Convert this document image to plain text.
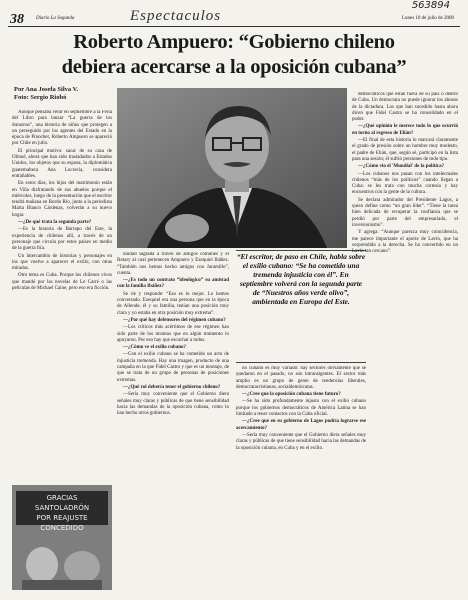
563894
38 Diario La Segunda	Espectaculos	Lunes 10 de julio de 2000
Roberto Ampuero: “Gobierno chileno
debiera acercarse a la oposición cubana”
Por Ana Josefa Silva V.
Foto: Sergio Riobó

Aunque pensaba venir en septiembre a la Feria del Libro para lanzar “La guerra de los duraznos”, una historia de niños que protegen a un perseguido por los agentes del Estado en la época de Pinochet, Roberto Ampuero se apareció por Chile en julio.

El principal motivo: sacar de su casa de Olmué, ahora que han sido trasladados a Estados Unidos, los objetos que su esposa, la diplomática guatemalteca Ana Lucrecia, considera entrañables.

En estos días, los hijos del matrimonio están en Viña disfrutando de sus abuelos porque el miércoles, luego de la presentación que el escritor tendrá mañana en Bordo Río, junto a la periodista Marta Blanco Cárdenas, volverán a su nuevo hogar.

—¿De qué trata la segunda parte?

—Es la historia de Barrapo del Este, la experiencia de chilenos allí, a través de un personaje que circula por estos países en medio de la guerra fría.

Un intercambio de historias y personajes en los que vuelve a aparecer el exilio, con otras miradas.

Otro tema es Cuba. Porque los chilenos vivos que mandó por las novelas de Le Carré o las películas de Michael Caine, pero eso era ficción.

unidad sagrada a través de amigos comunes y el Rotary al cual pertenecen Ampuero y Ezequiel Ibáñez. “También nos hemos hecho amigos con Jaramillo”, cuenta.

—¿Es todo un contrato “ideológico” su amistad con la familia Ibáñez?

Se ríe y responde: “Eso es lo mejor. Lo hemos conversado. Ezequiel era una persona que en la época de Allende, él y su familia, tenían una posición muy clara y yo estaba en otra posición muy extrema”.

—¿Por qué hay defensores del régimen cubano?

—Los críticos más acérrimos de ese régimen han sido parte de los mismos que en algún momento lo apoyaron. Por eso hay que escuchar a todos.

—¿Cómo ve el exilio cubano?

—Con el exilio cubano se ha cometido un acto de injusticia tremenda. Hay una imagen, producto de una campaña en la que Fidel Castro y que es un montaje, de que se trata de un grupo de personas de posiciones extremas.

—¿Qué rol debería tener el gobierno chileno?

—Sería muy conveniente que el Gobierno diera señales muy claras y públicas de que tiene sensibilidad hacia las demandas de la oposición cubana, como lo han hecho otros gobiernos.

“El escritor, de paso en Chile, habla sobre el exilio cubano: “Se ha cometido una tremenda injusticia con él”. En septiembre volverá con la segunda parte de “Nuestros años verde olivo”, ambientada en Europa del Este.

no cubano es muy variado: hay sectores obviamente que se quedaron en el pasado, no son intransigentes. El sector más amplio es un grupo de gente de tendencias liberales, democratacristianas, socialdemócratas.

—¿Cree que la oposición cubana tiene futuro?

—Se ha sido profundamente injusto con el exilio cubano porque los gobiernos democráticos de América Latina se han limitado a tener contactos con la Cuba oficial.

—¿Cree que en su gobierno de Lagos podría lograrse ese acercamiento?

—Sería muy conveniente que el Gobierno diera señales muy claras y públicas de que tiene sensibilidad hacia las demandas de la oposición cubana, en Cuba y en el exilio.

democráticos que están fuera de su país o dentro de Cuba. Un democrata no puede ignorar los abusos de la dictadura. Los que han sucedido hasta ahora dicen que Fidel Castro se ha consolidado en el poder.

—¿Qué opinión le merece todo lo que ocurrió en torno al regreso de Elián?

—El final de esta historia lo marcará claramente el grado de presión sobre un hombre muy modesto, el padre de Elián, que, según sé, participó en la lista para una sesión; él sufrió presiones de todo tipo.

—¿Cómo vio el 'Mundial' de la política?

—Los cubanos nos pasan con los intelectuales chilenos “más de los políticos” cuando llegan a Cuba: se les trata con mucha cortesía y hay encuentros con la gente de la cultura.

Se declara admirador del Presidente Lagos, a quien define como “un gran líder”. “Tiene la tarea bien delicada de recuperar la confianza que se perdió por parte del empresariado, el inversionismo”.

Y agrega: “Aunque parezca muy coincidencia, me parece importante el aporte de Lavín, que ha sorprendido a la derecha. Se ha convertido en un Lavín tan cercano”.

GRACIAS
SANTOLADRÓN
POR REAJUSTE
CONCEDIDO
